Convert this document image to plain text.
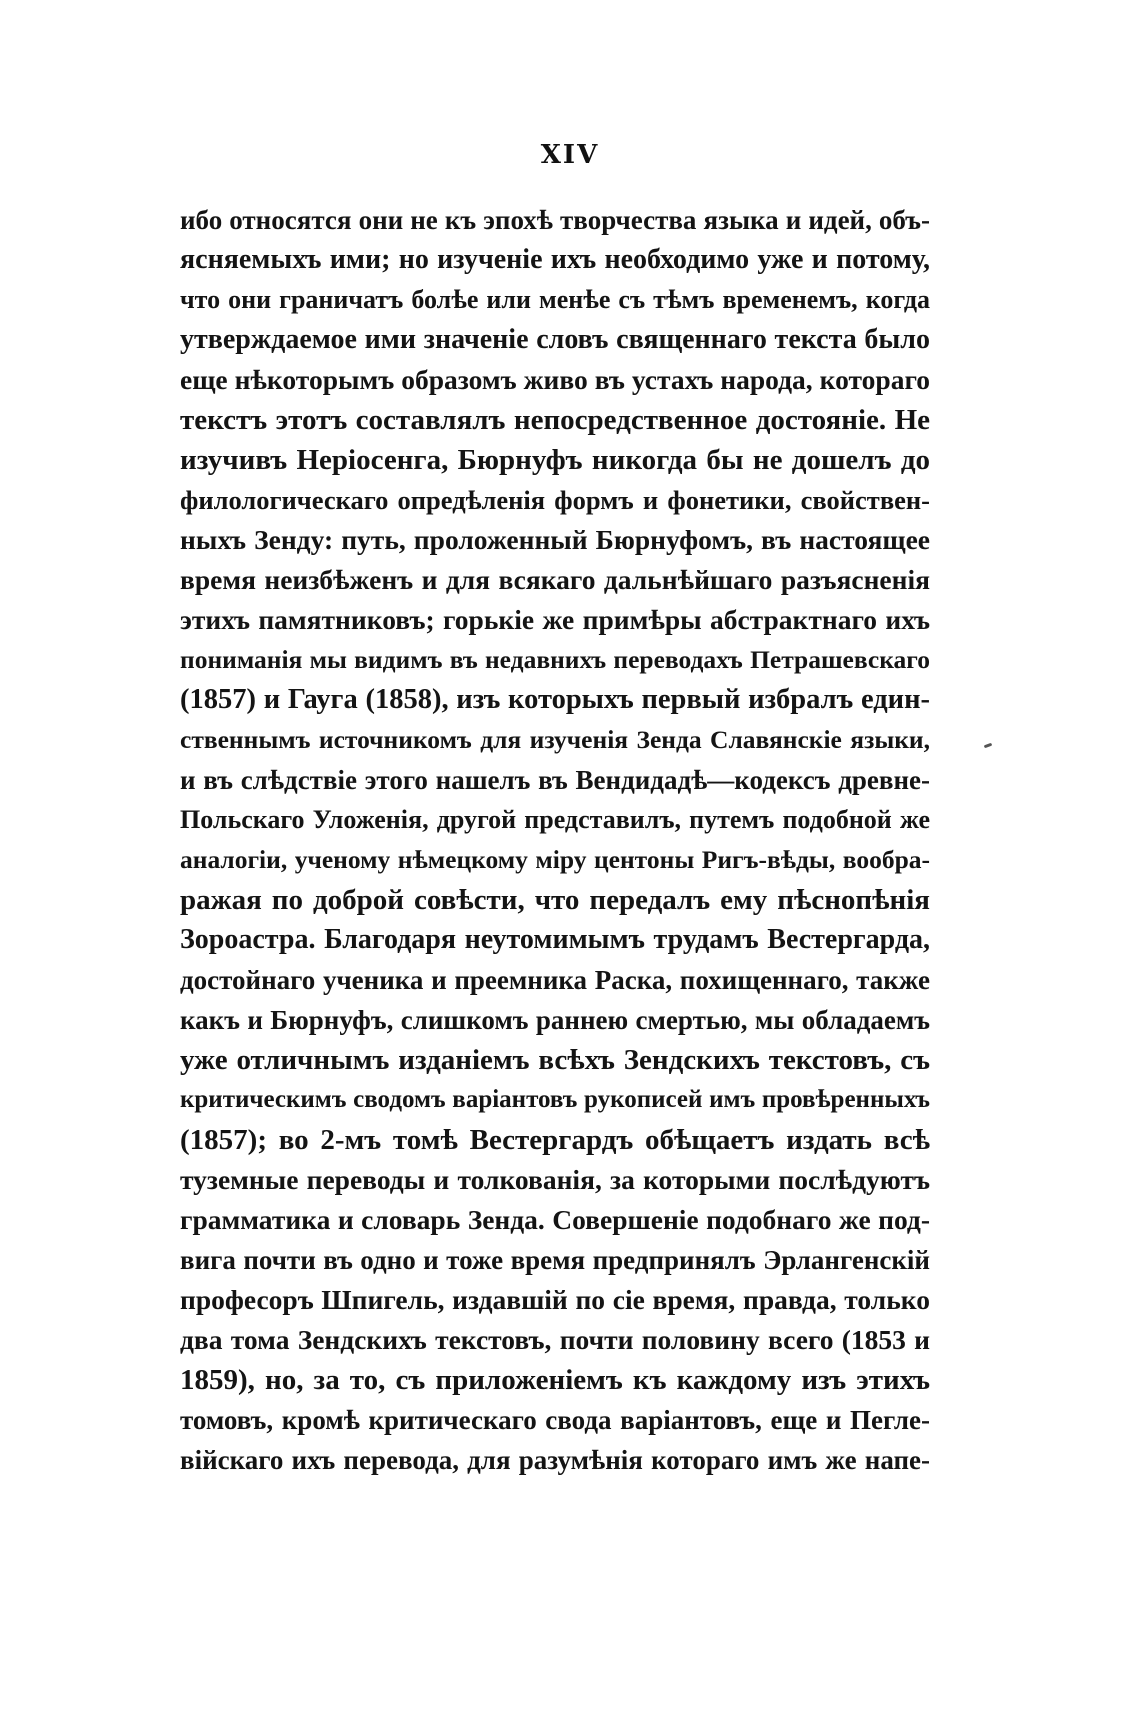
XIV
ибо относятся они не къ эпохѣ творчества языка и идей, объ-
ясняемыхъ ими; но изученіе ихъ необходимо уже и потому,
что они граничатъ болѣе или менѣе съ тѣмъ временемъ, когда
утверждаемое ими значеніе словъ священнаго текста было
еще нѣкоторымъ образомъ живо въ устахъ народа, котораго
текстъ этотъ составлялъ непосредственное достояніе. Не
изучивъ Неріосенга, Бюрнуфъ никогда бы не дошелъ до
филологическаго опредѣленія формъ и фонетики, свойствен-
ныхъ Зенду: путь, проложенный Бюрнуфомъ, въ настоящее
время неизбѣженъ и для всякаго дальнѣйшаго разъясненія
этихъ памятниковъ; горькіе же примѣры абстрактнаго ихъ
пониманія мы видимъ въ недавнихъ переводахъ Петрашевскаго
(1857) и Гауга (1858), изъ которыхъ первый избралъ един-
ственнымъ источникомъ для изученія Зенда Славянскіе языки,
и въ слѣдствіе этого нашелъ въ Вендидадѣ—кодексъ древне-
Польскаго Уложенія, другой представилъ, путемъ подобной же
аналогіи, ученому нѣмецкому міру центоны Ригъ-вѣды, вообра-
ражая по доброй совѣсти, что передалъ ему пѣснопѣнія
Зороастра. Благодаря неутомимымъ трудамъ Вестергарда,
достойнаго ученика и преемника Раска, похищеннаго, также
какъ и Бюрнуфъ, слишкомъ раннею смертью, мы обладаемъ
уже отличнымъ изданіемъ всѣхъ Зендскихъ текстовъ, съ
критическимъ сводомъ варіантовъ рукописей имъ провѣренныхъ
(1857); во 2-мъ томѣ Вестергардъ обѣщаетъ издать всѣ
туземные переводы и толкованія, за которыми послѣдуютъ
грамматика и словарь Зенда. Совершеніе подобнаго же под-
вига почти въ одно и тоже время предпринялъ Эрлангенскій
професоръ Шпигель, издавшій по сіе время, правда, только
два тома Зендскихъ текстовъ, почти половину всего (1853 и
1859), но, за то, съ приложеніемъ къ каждому изъ этихъ
томовъ, кромѣ критическаго свода варіантовъ, еще и Пегле-
війскаго ихъ перевода, для разумѣнія котораго имъ же напе-
